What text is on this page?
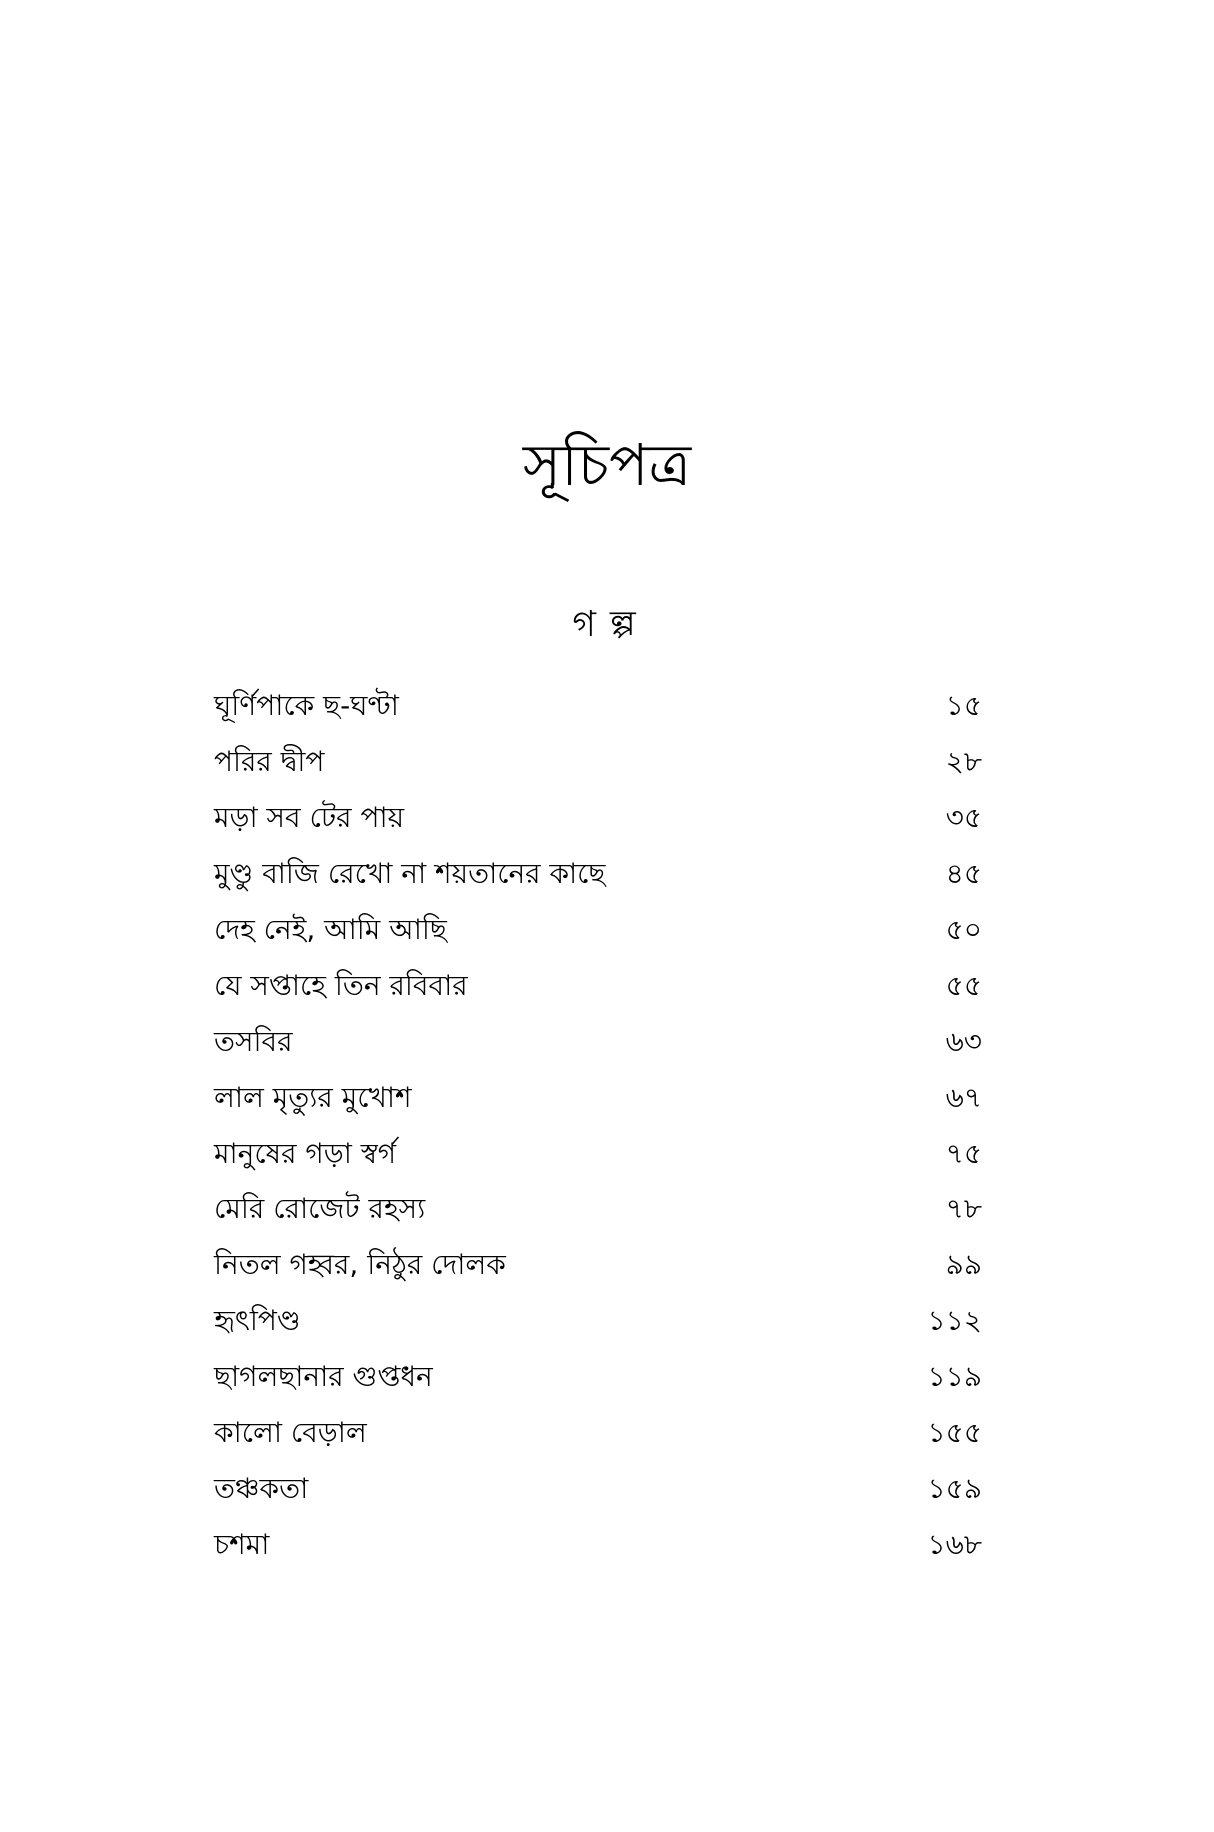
সূচিপত্র
গল্প
ঘূর্ণিপাকে ছ-ঘণ্টা	১৫
পরির দ্বীপ	২৮
মড়া সব টের পায়	৩৫
মুণ্ডু বাজি রেখো না শয়তানের কাছে	৪৫
দেহ নেই, আমি আছি	৫০
যে সপ্তাহে তিন রবিবার	৫৫
তসবির	৬৩
লাল মৃত্যুর মুখোশ	৬৭
মানুষের গড়া স্বর্গ	৭৫
মেরি রোজেট রহস্য	৭৮
নিতল গহ্বর, নিঠুর দোলক	৯৯
হৃৎপিণ্ড	১১২
ছাগলছানার গুপ্তধন	১১৯
কালো বেড়াল	১৫৫
তঞ্চকতা	১৫৯
চশমা	১৬৮
